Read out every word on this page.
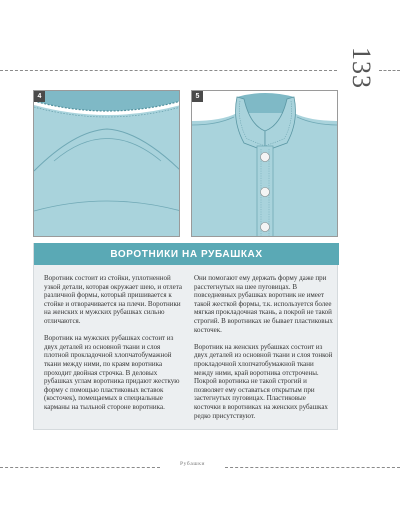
133
4	5
ВОРОТНИКИ НА РУБАШКАХ

Воротник состоит из стойки, уплотненной узкой детали, которая окружает шею, и отлета различной формы, который пришивается к стойке и отворачивается на плечи. Воротники на женских и мужских рубашках сильно отличаются.

Воротник на мужских рубашках состоит из двух деталей из основной ткани и слоя плотной прокладочной хлопчатобумажной ткани между ними, по краям воротника проходит двойная строчка. В деловых рубашках углам воротника придают жесткую форму с помощью пластиковых вставок (косточек), помещаемых в специальные карманы на тыльной стороне воротника.

Они помогают ему держать форму даже при расстегнутых на шее пуговицах. В повседневных рубашках воротник не имеет такой жесткой формы, т.к. используется более мягкая прокладочная ткань, а покрой не такой строгий. В воротниках не бывает пластиковых косточек.

Воротник на женских рубашках состоит из двух деталей из основной ткани и слоя тонкой прокладочной хлопчатобумажной ткани между ними, край воротника отстрочены. Покрой воротника не такой строгий и позволяет ему оставаться открытым при застегнутых пуговицах. Пластиковые косточки в воротниках на женских рубашках редко присутствуют.

Рубашки
